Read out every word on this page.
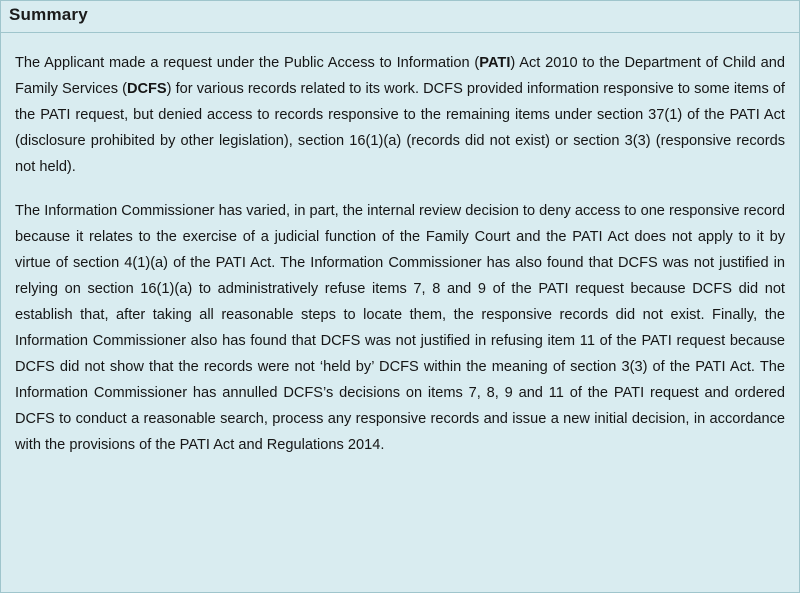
Summary

The Applicant made a request under the Public Access to Information (PATI) Act 2010 to the Department of Child and Family Services (DCFS) for various records related to its work. DCFS provided information responsive to some items of the PATI request, but denied access to records responsive to the remaining items under section 37(1) of the PATI Act (disclosure prohibited by other legislation), section 16(1)(a) (records did not exist) or section 3(3) (responsive records not held).

The Information Commissioner has varied, in part, the internal review decision to deny access to one responsive record because it relates to the exercise of a judicial function of the Family Court and the PATI Act does not apply to it by virtue of section 4(1)(a) of the PATI Act. The Information Commissioner has also found that DCFS was not justified in relying on section 16(1)(a) to administratively refuse items 7, 8 and 9 of the PATI request because DCFS did not establish that, after taking all reasonable steps to locate them, the responsive records did not exist. Finally, the Information Commissioner also has found that DCFS was not justified in refusing item 11 of the PATI request because DCFS did not show that the records were not ‘held by’ DCFS within the meaning of section 3(3) of the PATI Act. The Information Commissioner has annulled DCFS’s decisions on items 7, 8, 9 and 11 of the PATI request and ordered DCFS to conduct a reasonable search, process any responsive records and issue a new initial decision, in accordance with the provisions of the PATI Act and Regulations 2014.
